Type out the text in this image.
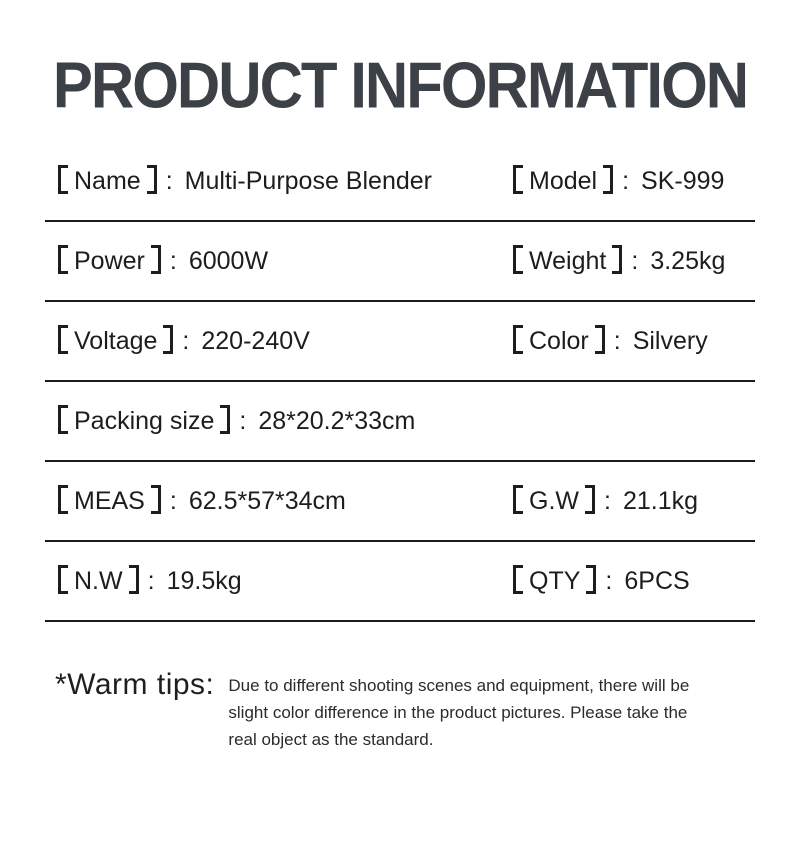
PRODUCT INFORMATION
Name : Multi-Purpose Blender	Model : SK-999
Power : 6000W	Weight : 3.25kg
Voltage : 220-240V	Color : Silvery
Packing size : 28*20.2*33cm
MEAS : 62.5*57*34cm	G.W : 21.1kg
N.W : 19.5kg	QTY : 6PCS
*Warm tips: Due to different shooting scenes and equipment, there will be slight color difference in the product pictures. Please take the real object as the standard.
